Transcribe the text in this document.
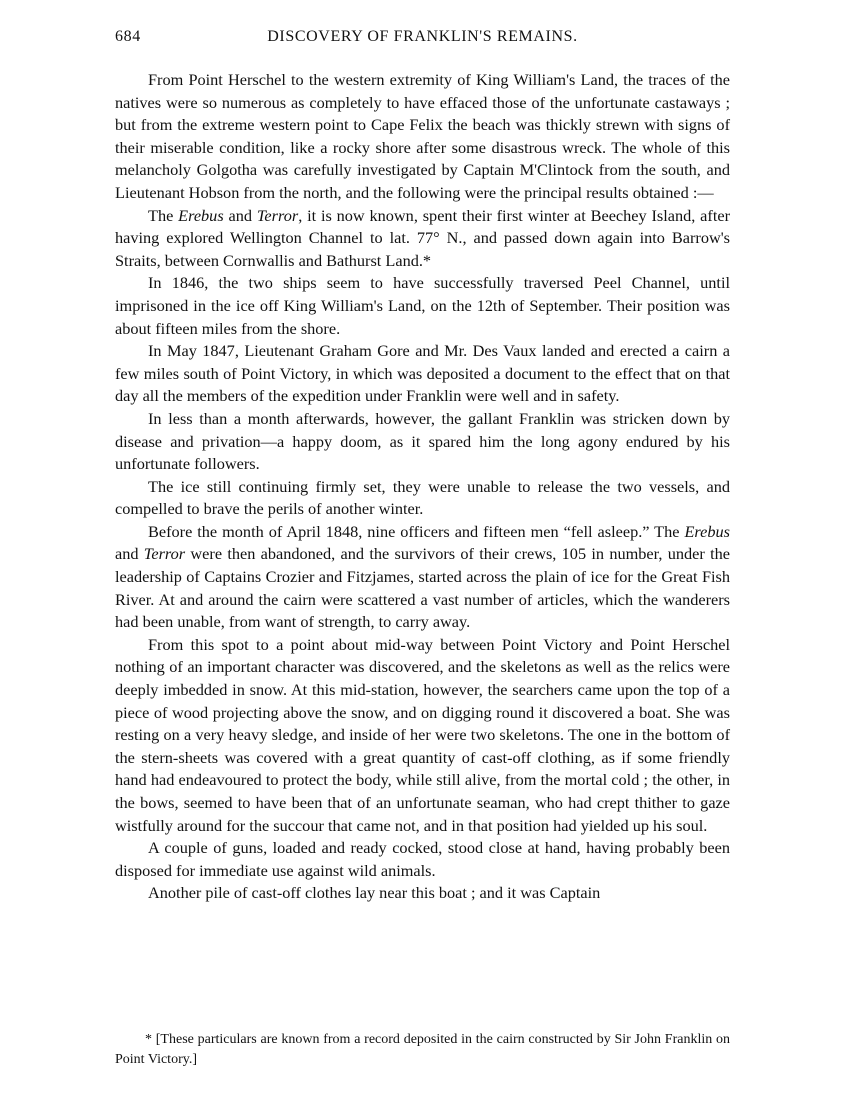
684	DISCOVERY OF FRANKLIN'S REMAINS.

From Point Herschel to the western extremity of King William's Land, the traces of the natives were so numerous as completely to have effaced those of the unfortunate castaways ; but from the extreme western point to Cape Felix the beach was thickly strewn with signs of their miserable condition, like a rocky shore after some disastrous wreck. The whole of this melancholy Golgotha was carefully investigated by Captain M'Clintock from the south, and Lieutenant Hobson from the north, and the following were the principal results obtained :—

The Erebus and Terror, it is now known, spent their first winter at Beechey Island, after having explored Wellington Channel to lat. 77° N., and passed down again into Barrow's Straits, between Cornwallis and Bathurst Land.*

In 1846, the two ships seem to have successfully traversed Peel Channel, until imprisoned in the ice off King William's Land, on the 12th of September. Their position was about fifteen miles from the shore.

In May 1847, Lieutenant Graham Gore and Mr. Des Vaux landed and erected a cairn a few miles south of Point Victory, in which was deposited a document to the effect that on that day all the members of the expedition under Franklin were well and in safety.

In less than a month afterwards, however, the gallant Franklin was stricken down by disease and privation—a happy doom, as it spared him the long agony endured by his unfortunate followers.

The ice still continuing firmly set, they were unable to release the two vessels, and compelled to brave the perils of another winter.

Before the month of April 1848, nine officers and fifteen men “fell asleep.” The Erebus and Terror were then abandoned, and the survivors of their crews, 105 in number, under the leadership of Captains Crozier and Fitzjames, started across the plain of ice for the Great Fish River. At and around the cairn were scattered a vast number of articles, which the wanderers had been unable, from want of strength, to carry away.

From this spot to a point about mid-way between Point Victory and Point Herschel nothing of an important character was discovered, and the skeletons as well as the relics were deeply imbedded in snow. At this mid-station, however, the searchers came upon the top of a piece of wood projecting above the snow, and on digging round it discovered a boat. She was resting on a very heavy sledge, and inside of her were two skeletons. The one in the bottom of the stern-sheets was covered with a great quantity of cast-off clothing, as if some friendly hand had endeavoured to protect the body, while still alive, from the mortal cold ; the other, in the bows, seemed to have been that of an unfortunate seaman, who had crept thither to gaze wistfully around for the succour that came not, and in that position had yielded up his soul.

A couple of guns, loaded and ready cocked, stood close at hand, having probably been disposed for immediate use against wild animals.

Another pile of cast-off clothes lay near this boat ; and it was Captain

* [These particulars are known from a record deposited in the cairn constructed by Sir John Franklin on Point Victory.]
